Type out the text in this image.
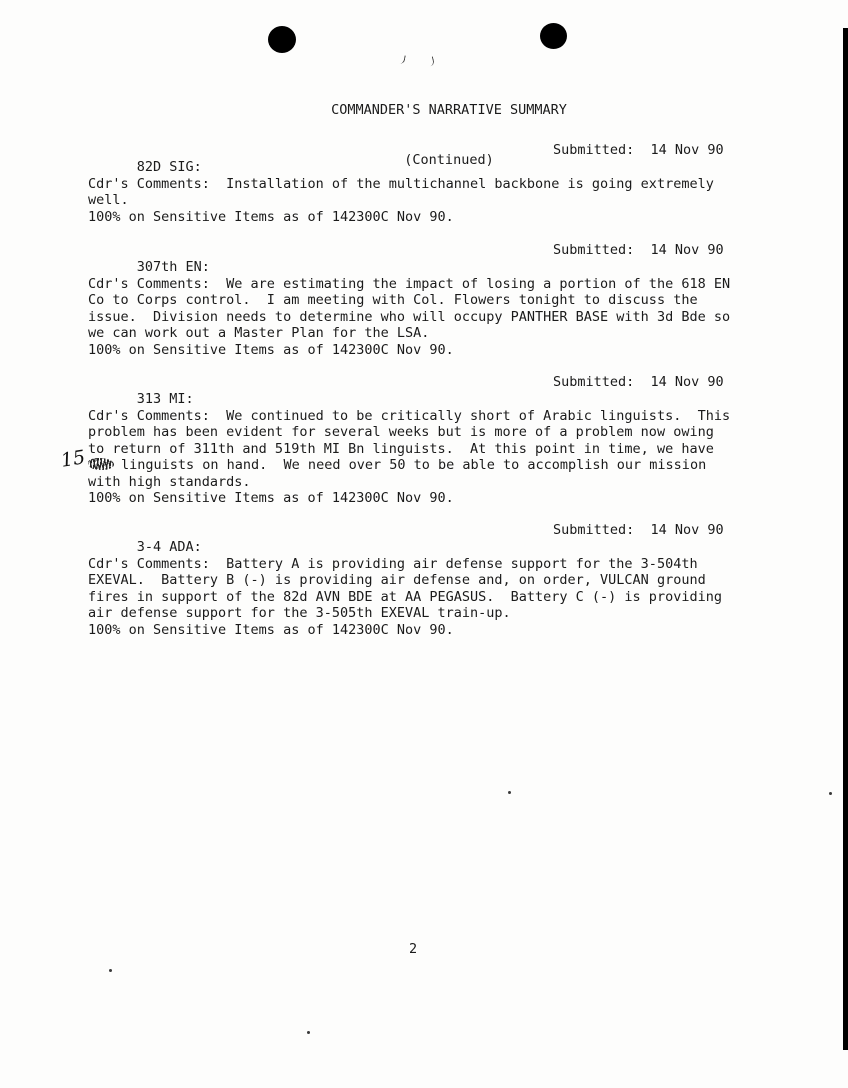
COMMANDER'S NARRATIVE SUMMARY

(Continued)

82D SIG:

Submitted:  14 Nov 90

Cdr's Comments:  Installation of the multichannel backbone is going extremely
well.
100% on Sensitive Items as of 142300C Nov 90.

307th EN:

Submitted:  14 Nov 90

Cdr's Comments:  We are estimating the impact of losing a portion of the 618 EN
Co to Corps control.  I am meeting with Col. Flowers tonight to discuss the
issue.  Division needs to determine who will occupy PANTHER BASE with 3d Bde so
we can work out a Master Plan for the LSA.
100% on Sensitive Items as of 142300C Nov 90.

313 MI:

Submitted:  14 Nov 90

Cdr's Comments:  We continued to be critically short of Arabic linguists.  This
problem has been evident for several weeks but is more of a problem now owing
to return of 311th and 519th MI Bn linguists.  At this point in time, we have
linguists on hand.  We need over 50 to be able to accomplish our mission
with high standards.
100% on Sensitive Items as of 142300C Nov 90.

3-4 ADA:

Submitted:  14 Nov 90

Cdr's Comments:  Battery A is providing air defense support for the 3-504th
EXEVAL.  Battery B (-) is providing air defense and, on order, VULCAN ground
fires in support of the 82d AVN BDE at AA PEGASUS.  Battery C (-) is providing
air defense support for the 3-505th EXEVAL train-up.
100% on Sensitive Items as of 142300C Nov 90.
15
2
